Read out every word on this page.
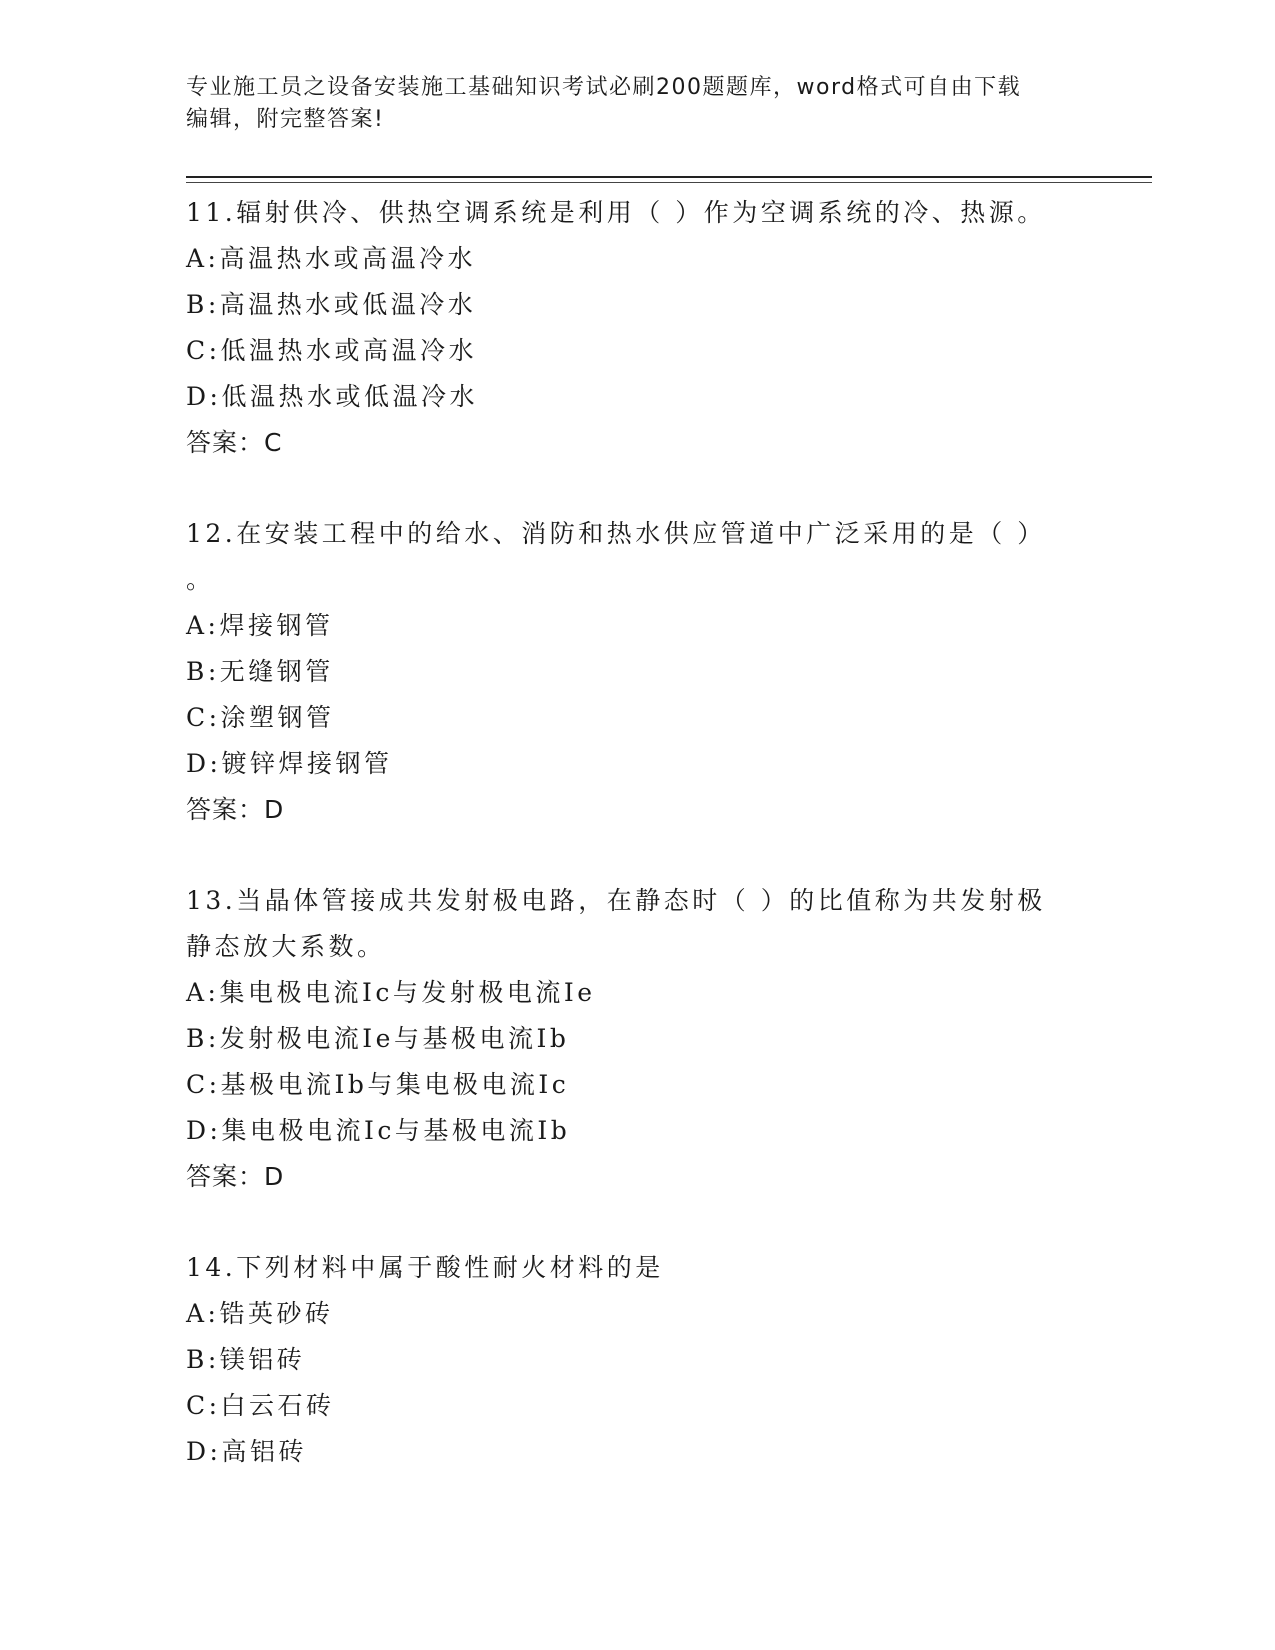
专业施工员之设备安装施工基础知识考试必刷200题题库，word格式可自由下载
编辑，附完整答案!
11.辐射供冷、供热空调系统是利用（ ）作为空调系统的冷、热源。
A:高温热水或高温冷水
B:高温热水或低温冷水
C:低温热水或高温冷水
D:低温热水或低温冷水
答案：C
12.在安装工程中的给水、消防和热水供应管道中广泛采用的是（ ）
。
A:焊接钢管
B:无缝钢管
C:涂塑钢管
D:镀锌焊接钢管
答案：D
13.当晶体管接成共发射极电路，在静态时（ ）的比值称为共发射极
静态放大系数。
A:集电极电流Ic与发射极电流Ie
B:发射极电流Ie与基极电流Ib
C:基极电流Ib与集电极电流Ic
D:集电极电流Ic与基极电流Ib
答案：D
14.下列材料中属于酸性耐火材料的是
A:锆英砂砖
B:镁铝砖
C:白云石砖
D:高铝砖
